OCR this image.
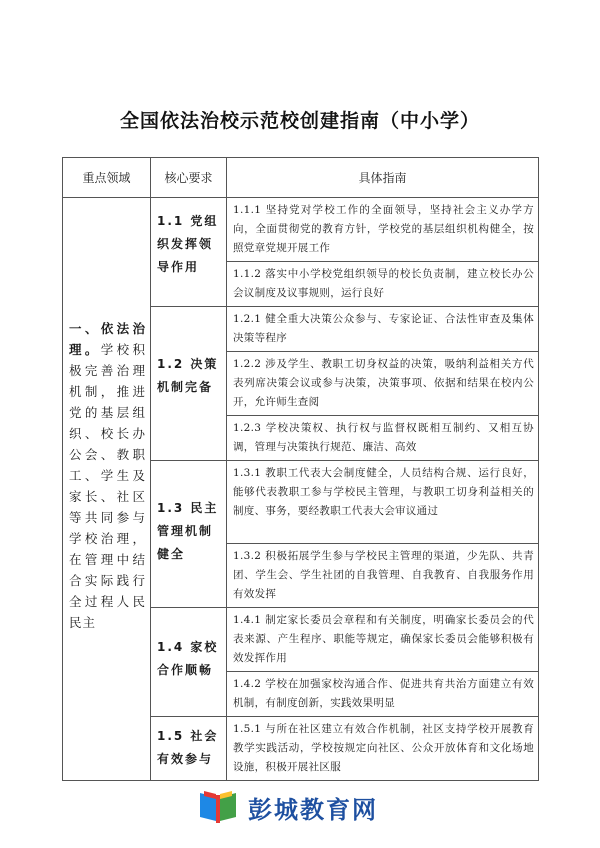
全国依法治校示范校创建指南（中小学）
重点领域	核心要求	具体指南
一、依法治理。学校积极完善治理机制，推进党的基层组织、校长办公会、教职工、学生及家长、社区等共同参与学校治理，在管理中结合实际践行全过程人民民主	1.1 党组织发挥领导作用	1.1.1 坚持党对学校工作的全面领导，坚持社会主义办学方向，全面贯彻党的教育方针，学校党的基层组织机构健全，按照党章党规开展工作
		1.1.2 落实中小学校党组织领导的校长负责制，建立校长办公会议制度及议事规则，运行良好
	1.2 决策机制完备	1.2.1 健全重大决策公众参与、专家论证、合法性审查及集体决策等程序
		1.2.2 涉及学生、教职工切身权益的决策，吸纳利益相关方代表列席决策会议或参与决策，决策事项、依据和结果在校内公开，允许师生查阅
		1.2.3 学校决策权、执行权与监督权既相互制约、又相互协调，管理与决策执行规范、廉洁、高效
	1.3 民主管理机制健全	1.3.1 教职工代表大会制度健全，人员结构合规、运行良好，能够代表教职工参与学校民主管理，与教职工切身利益相关的制度、事务，要经教职工代表大会审议通过
		1.3.2 积极拓展学生参与学校民主管理的渠道，少先队、共青团、学生会、学生社团的自我管理、自我教育、自我服务作用有效发挥
	1.4 家校合作顺畅	1.4.1 制定家长委员会章程和有关制度，明确家长委员会的代表来源、产生程序、职能等规定，确保家长委员会能够积极有效发挥作用
		1.4.2 学校在加强家校沟通合作、促进共育共治方面建立有效机制，有制度创新，实践效果明显
	1.5 社会有效参与	1.5.1 与所在社区建立有效合作机制，社区支持学校开展教育教学实践活动，学校按规定向社区、公众开放体育和文化场地设施，积极开展社区服
彭城教育网
